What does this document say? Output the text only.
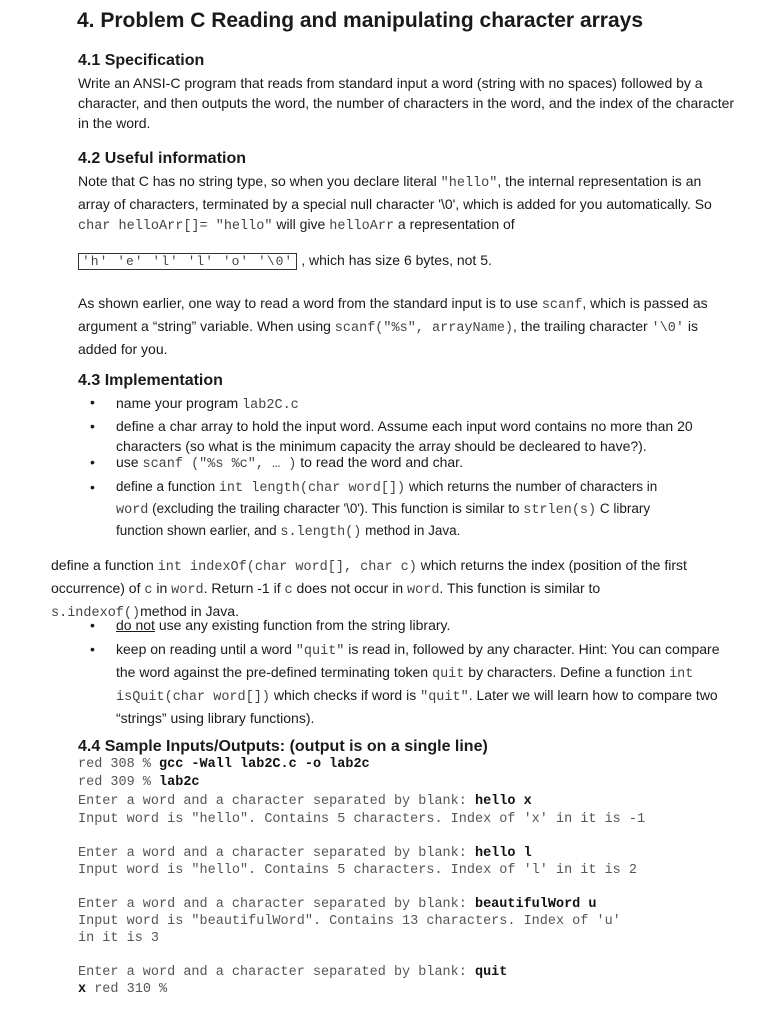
4. Problem C Reading and manipulating character arrays
4.1 Specification

Write an ANSI-C program that reads from standard input a word (string with no spaces) followed by a character, and then outputs the word, the number of characters in the word, and the index of the character in the word.

4.2 Useful information

Note that C has no string type, so when you declare literal "hello", the internal representation is an array of characters, terminated by a special null character '\0', which is added for you automatically. So char helloArr[]= "hello" will give helloArr a representation of

'h' 'e' 'l' 'l' 'o' '\0' , which has size 6 bytes, not 5.

As shown earlier, one way to read a word from the standard input is to use scanf, which is passed as argument a “string” variable. When using scanf("%s", arrayName), the trailing character '\0' is added for you.

4.3 Implementation
• name your program lab2C.c

• define a char array to hold the input word. Assume each input word contains no more than 20 characters (so what is the minimum capacity the array should be decleared to have?).

• use scanf ("%s %c", … ) to read the word and char.

• define a function int length(char word[]) which returns the number of characters in word (excluding the trailing character '\0'). This function is similar to strlen(s) C library function shown earlier, and s.length() method in Java.

define a function int indexOf(char word[], char c) which returns the index (position of the first occurrence) of c in word. Return -1 if c does not occur in word. This function is similar to s.indexof()method in Java.

• do not use any existing function from the string library.

• keep on reading until a word "quit" is read in, followed by any character. Hint: You can compare the word against the pre-defined terminating token quit by characters. Define a function int isQuit(char word[]) which checks if word is "quit". Later we will learn how to compare two “strings” using library functions).

4.4 Sample Inputs/Outputs: (output is on a single line)
red 308 % gcc -Wall lab2C.c -o lab2c
red 309 % lab2c
Enter a word and a character separated by blank: hello x
Input word is "hello". Contains 5 characters. Index of 'x' in it is -1
Enter a word and a character separated by blank: hello l
Input word is "hello". Contains 5 characters. Index of 'l' in it is 2
Enter a word and a character separated by blank: beautifulWord u
Input word is "beautifulWord". Contains 13 characters. Index of 'u'
in it is 3
Enter a word and a character separated by blank: quit
x red 310 %
